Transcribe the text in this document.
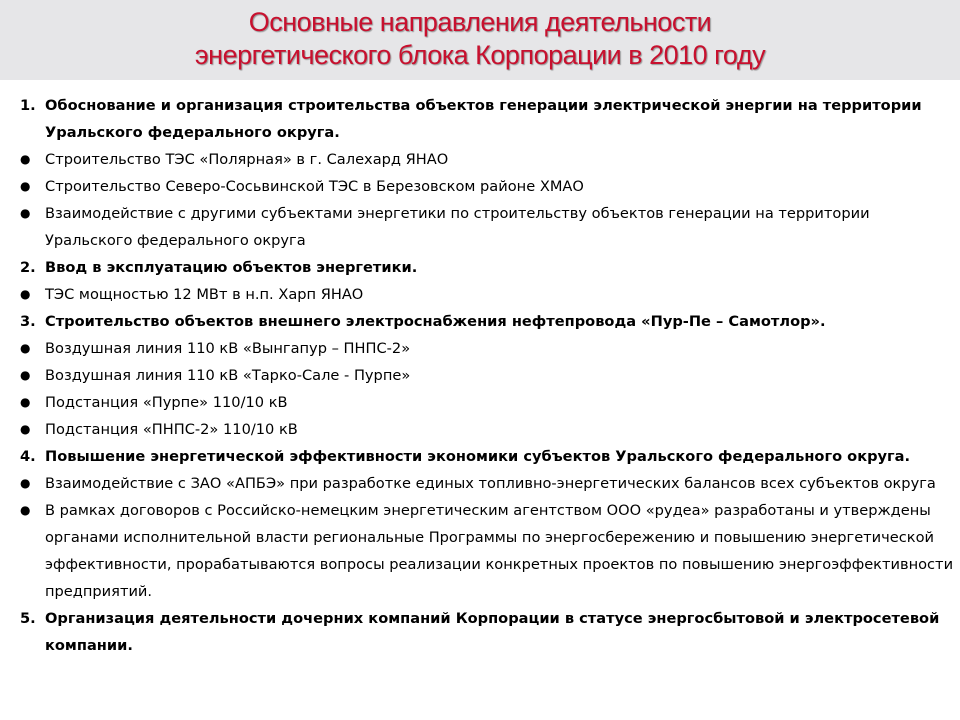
Основные направления деятельности
энергетического блока Корпорации в 2010 году
1. Обоснование и организация строительства объектов генерации электрической энергии на территории Уральского федерального округа.
● Строительство ТЭС «Полярная» в г. Салехард ЯНАО
● Строительство Северо-Сосьвинской ТЭС в Березовском районе ХМАО
● Взаимодействие с другими субъектами энергетики по строительству объектов генерации на территории Уральского федерального округа
2. Ввод в эксплуатацию объектов энергетики.
● ТЭС мощностью 12 МВт в н.п. Харп ЯНАО
3. Строительство объектов внешнего электроснабжения нефтепровода «Пур-Пе – Самотлор».
● Воздушная линия 110 кВ «Вынгапур – ПНПС-2»
● Воздушная линия 110 кВ «Тарко-Сале - Пурпе»
● Подстанция «Пурпе» 110/10 кВ
● Подстанция «ПНПС-2» 110/10 кВ
4. Повышение энергетической эффективности экономики субъектов Уральского федерального округа.
● Взаимодействие с ЗАО «АПБЭ» при разработке единых топливно-энергетических балансов всех субъектов округа
● В рамках договоров с Российско-немецким энергетическим агентством ООО «рудеа» разработаны и утверждены органами исполнительной власти региональные Программы по энергосбережению и повышению энергетической эффективности, прорабатываются вопросы реализации конкретных проектов по повышению энергоэффективности предприятий.
5. Организация деятельности дочерних компаний Корпорации в статусе энергосбытовой и электросетевой компании.
